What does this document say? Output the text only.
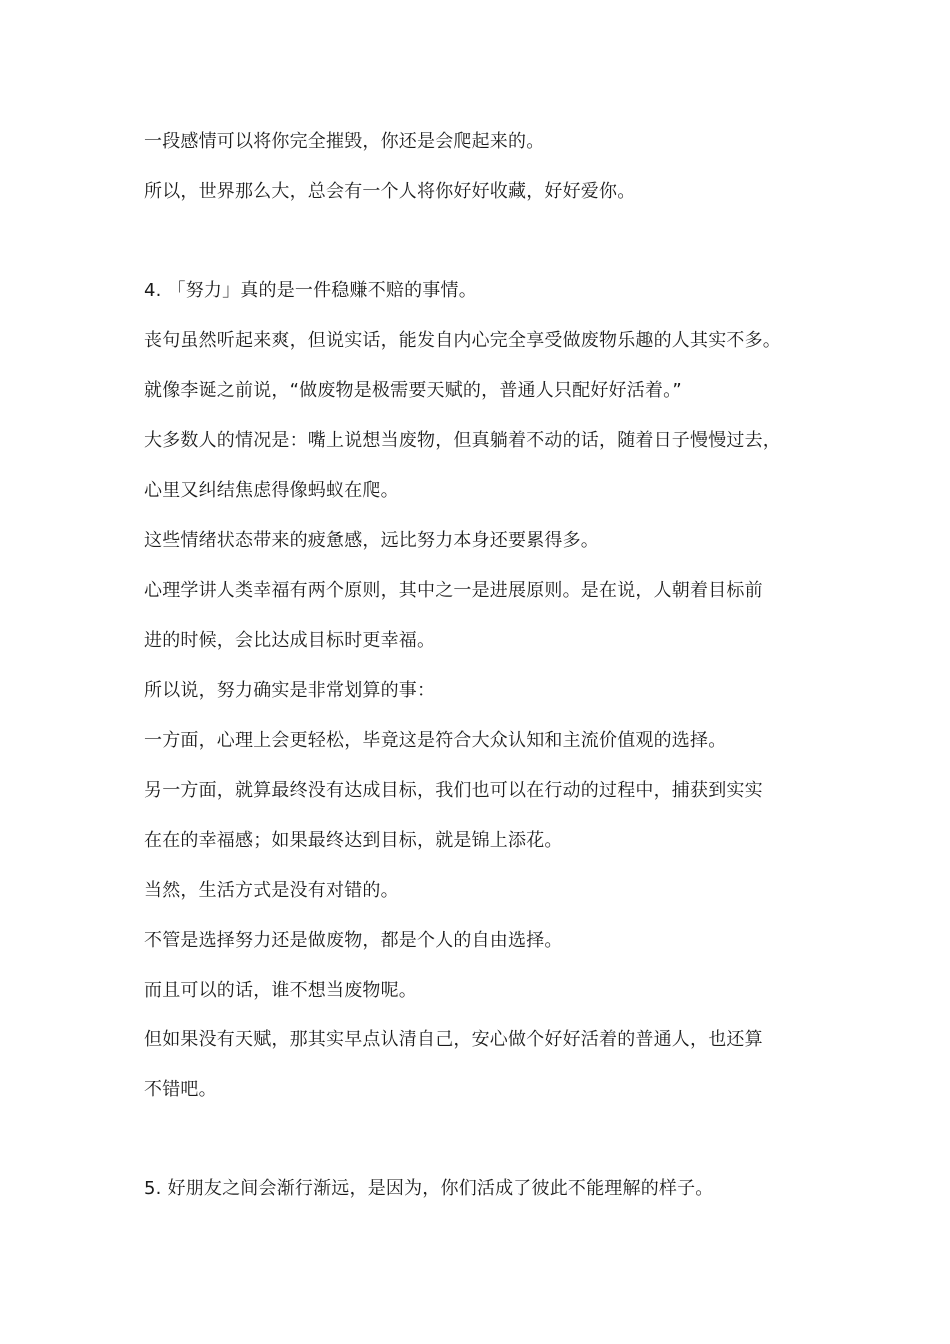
一段感情可以将你完全摧毁，你还是会爬起来的。
所以，世界那么大，总会有一个人将你好好收藏，好好爱你。
4. 「努力」真的是一件稳赚不赔的事情。
丧句虽然听起来爽，但说实话，能发自内心完全享受做废物乐趣的人其实不多。
就像李诞之前说，“做废物是极需要天赋的，普通人只配好好活着。”
大多数人的情况是：嘴上说想当废物，但真躺着不动的话，随着日子慢慢过去，
心里又纠结焦虑得像蚂蚁在爬。
这些情绪状态带来的疲惫感，远比努力本身还要累得多。
心理学讲人类幸福有两个原则，其中之一是进展原则。是在说，人朝着目标前
进的时候，会比达成目标时更幸福。
所以说，努力确实是非常划算的事：
一方面，心理上会更轻松，毕竟这是符合大众认知和主流价值观的选择。
另一方面，就算最终没有达成目标，我们也可以在行动的过程中，捕获到实实
在在的幸福感；如果最终达到目标，就是锦上添花。
当然，生活方式是没有对错的。
不管是选择努力还是做废物，都是个人的自由选择。
而且可以的话，谁不想当废物呢。
但如果没有天赋，那其实早点认清自己，安心做个好好活着的普通人，也还算
不错吧。
5. 好朋友之间会渐行渐远，是因为，你们活成了彼此不能理解的样子。
